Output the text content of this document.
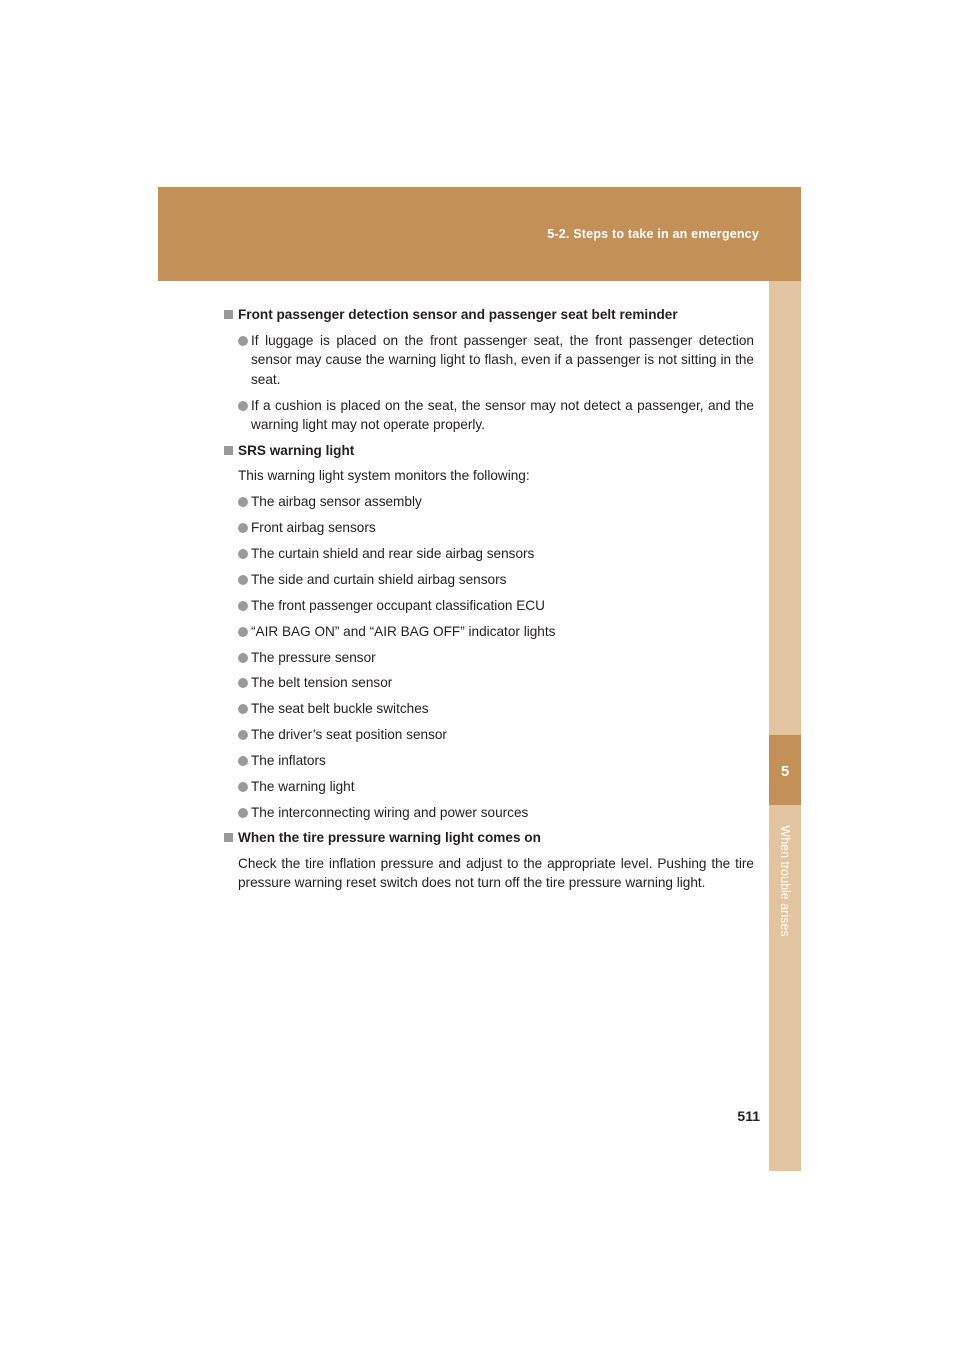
5-2. Steps to take in an emergency
5
When trouble arises
Front passenger detection sensor and passenger seat belt reminder
If luggage is placed on the front passenger seat, the front passenger detection sensor may cause the warning light to flash, even if a passenger is not sitting in the seat.
If a cushion is placed on the seat, the sensor may not detect a passenger, and the warning light may not operate properly.
SRS warning light
This warning light system monitors the following:
The airbag sensor assembly
Front airbag sensors
The curtain shield and rear side airbag sensors
The side and curtain shield airbag sensors
The front passenger occupant classification ECU
“AIR BAG ON” and “AIR BAG OFF” indicator lights
The pressure sensor
The belt tension sensor
The seat belt buckle switches
The driver’s seat position sensor
The inflators
The warning light
The interconnecting wiring and power sources
When the tire pressure warning light comes on
Check the tire inflation pressure and adjust to the appropriate level. Pushing the tire pressure warning reset switch does not turn off the tire pressure warning light.
511
